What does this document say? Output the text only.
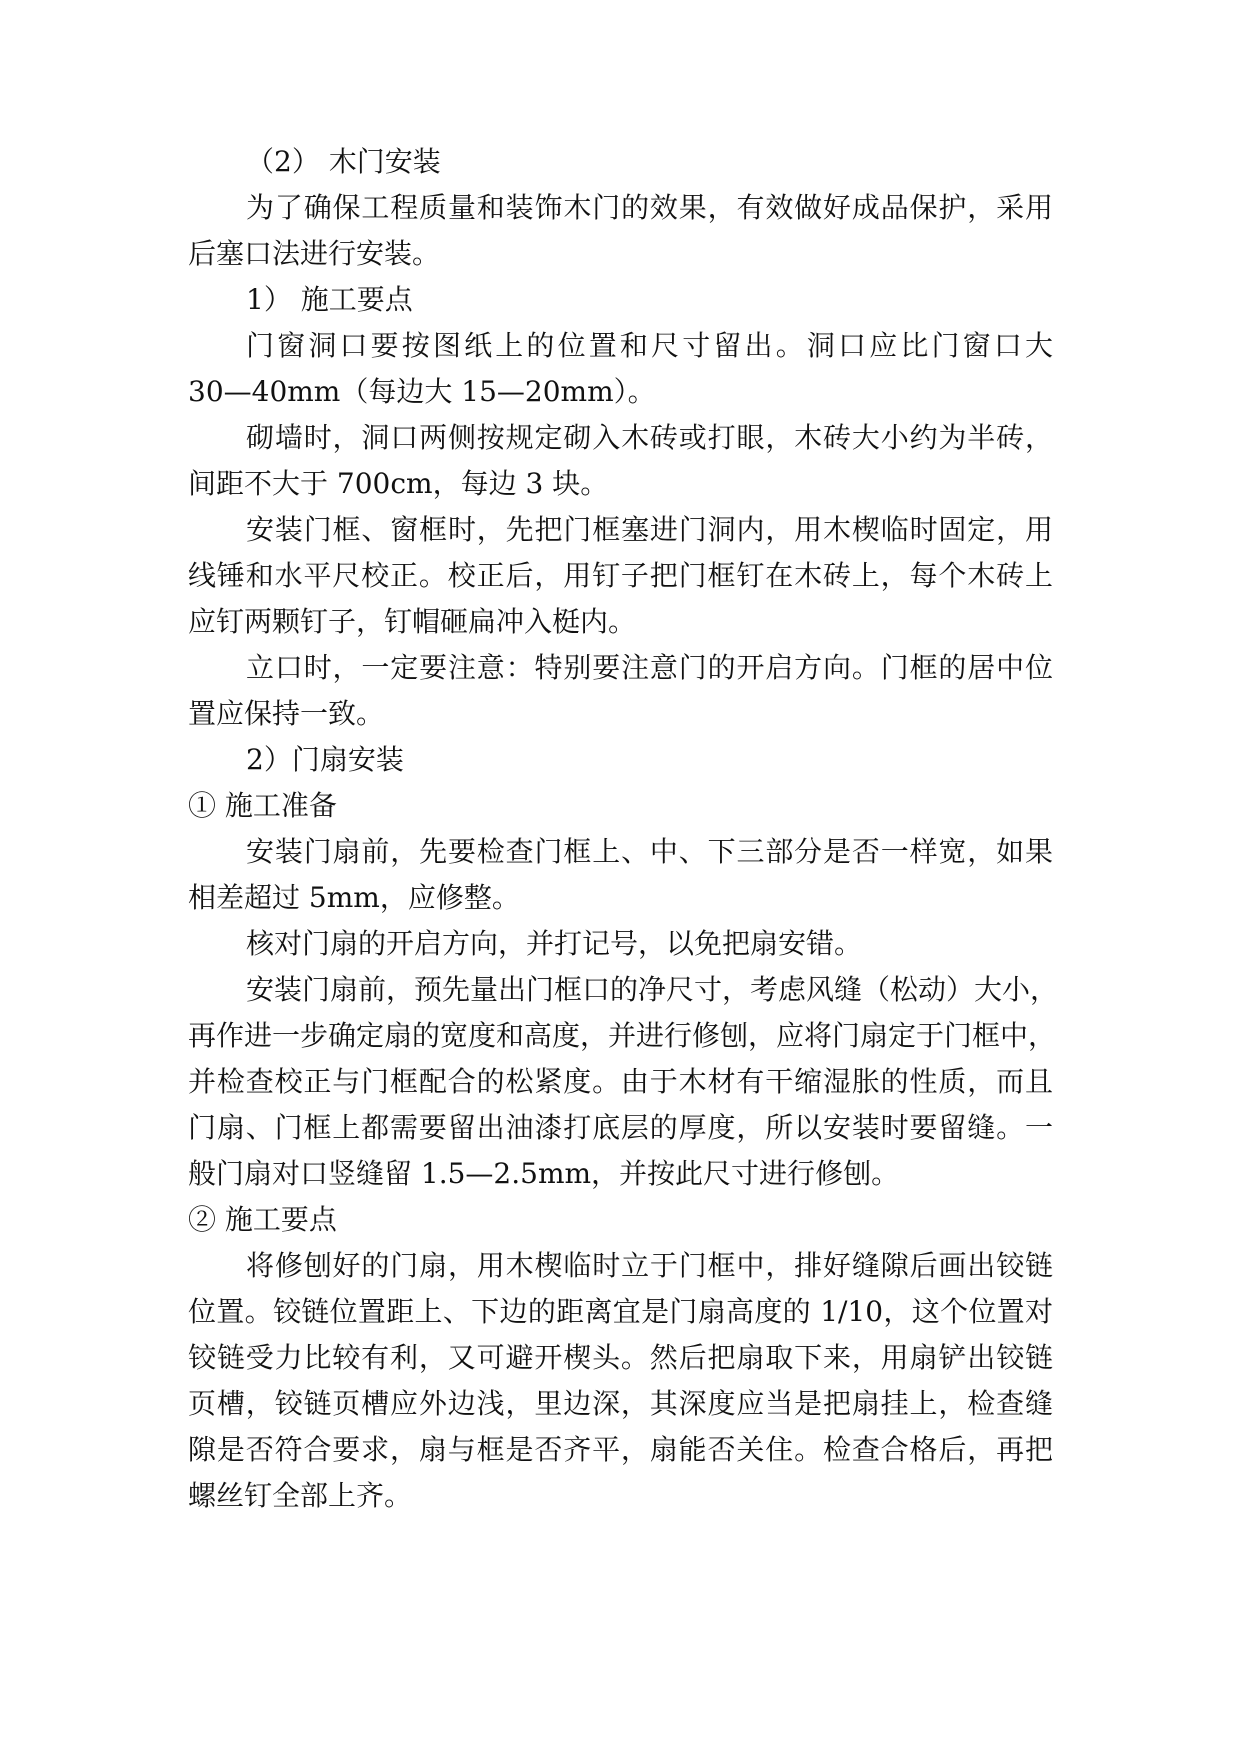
（2） 木门安装
为了确保工程质量和装饰木门的效果，有效做好成品保护，采用
后塞口法进行安装。
1） 施工要点
门窗洞口要按图纸上的位置和尺寸留出。洞口应比门窗口大
30—40mm（每边大 15—20mm）。
砌墙时，洞口两侧按规定砌入木砖或打眼，木砖大小约为半砖，
间距不大于 700cm，每边 3 块。
安装门框、窗框时，先把门框塞进门洞内，用木楔临时固定，用
线锤和水平尺校正。校正后，用钉子把门框钉在木砖上，每个木砖上
应钉两颗钉子，钉帽砸扁冲入梃内。
立口时，一定要注意：特别要注意门的开启方向。门框的居中位
置应保持一致。
2）门扇安装
① 施工准备
安装门扇前，先要检查门框上、中、下三部分是否一样宽，如果
相差超过 5mm，应修整。
核对门扇的开启方向，并打记号，以免把扇安错。
安装门扇前，预先量出门框口的净尺寸，考虑风缝（松动）大小，
再作进一步确定扇的宽度和高度，并进行修刨，应将门扇定于门框中，
并检查校正与门框配合的松紧度。由于木材有干缩湿胀的性质，而且
门扇、门框上都需要留出油漆打底层的厚度，所以安装时要留缝。一
般门扇对口竖缝留 1.5—2.5mm，并按此尺寸进行修刨。
② 施工要点
将修刨好的门扇，用木楔临时立于门框中，排好缝隙后画出铰链
位置。铰链位置距上、下边的距离宜是门扇高度的 1/10，这个位置对
铰链受力比较有利，又可避开楔头。然后把扇取下来，用扇铲出铰链
页槽，铰链页槽应外边浅，里边深，其深度应当是把扇挂上，检查缝
隙是否符合要求，扇与框是否齐平，扇能否关住。检查合格后，再把
螺丝钉全部上齐。
